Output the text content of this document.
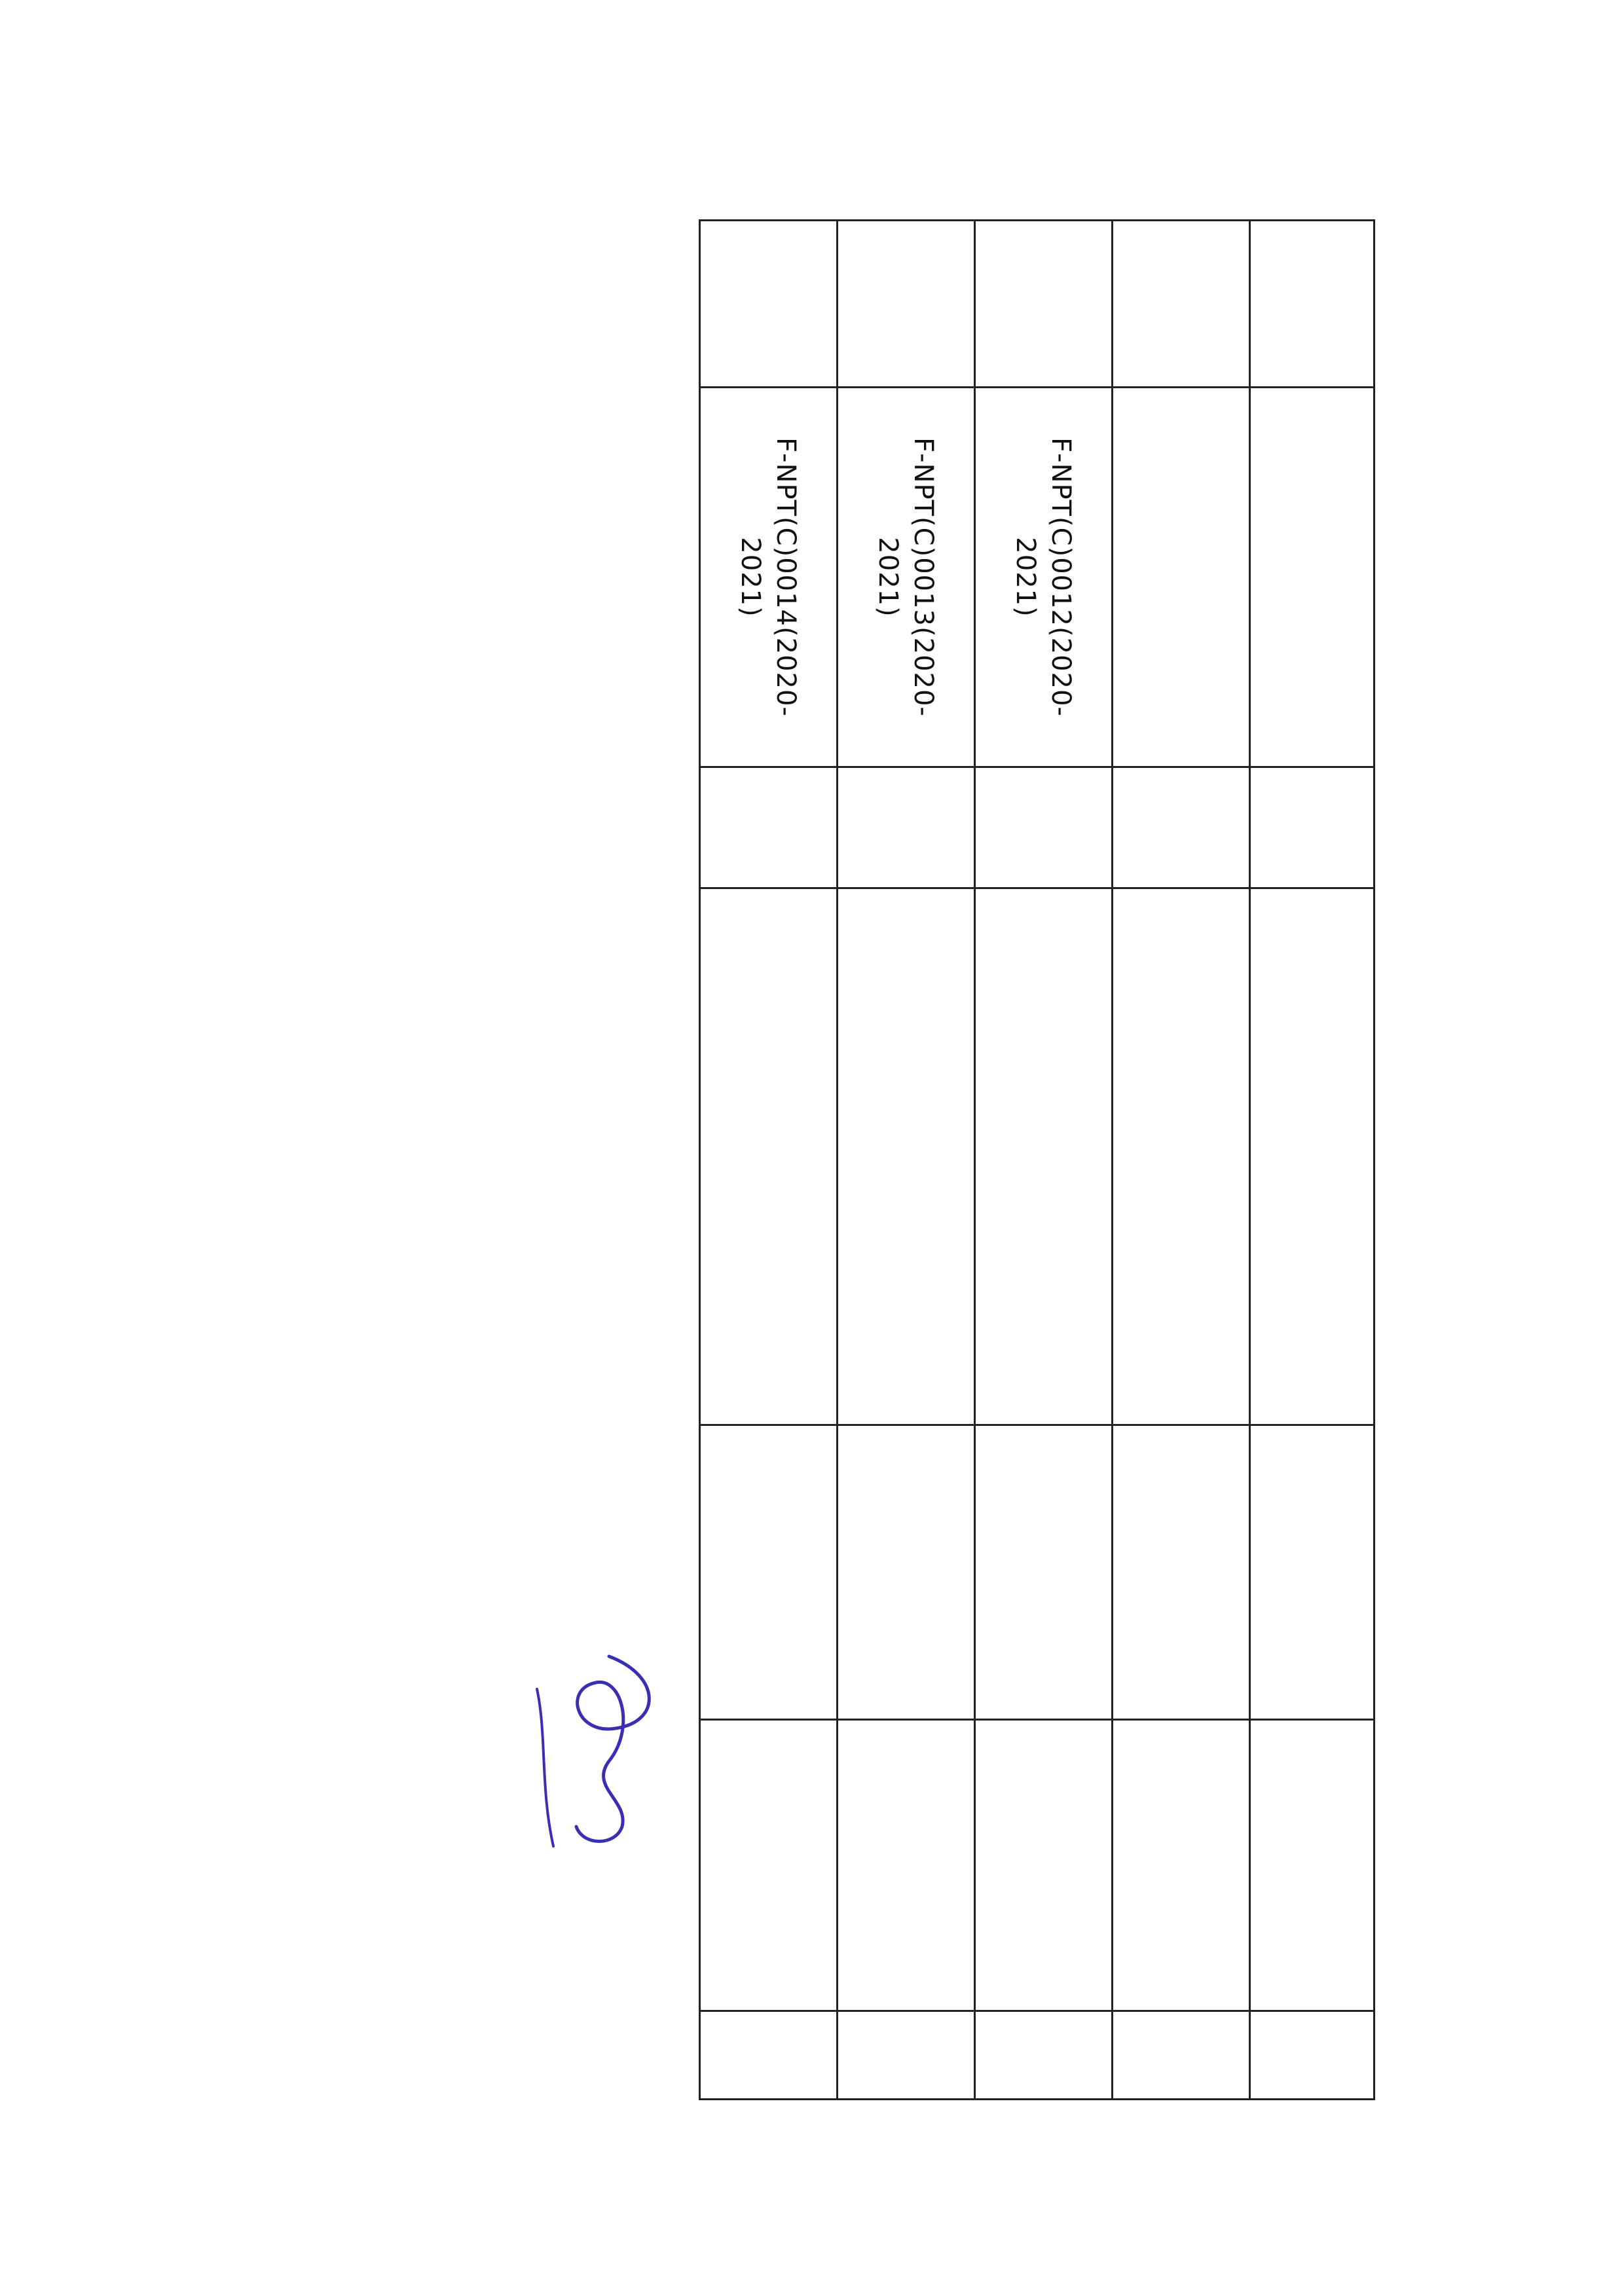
	F-NPT(C)0012(2020-2021)					
	F-NPT(C)0013(2020-2021)					
	F-NPT(C)0014(2020-2021)					
